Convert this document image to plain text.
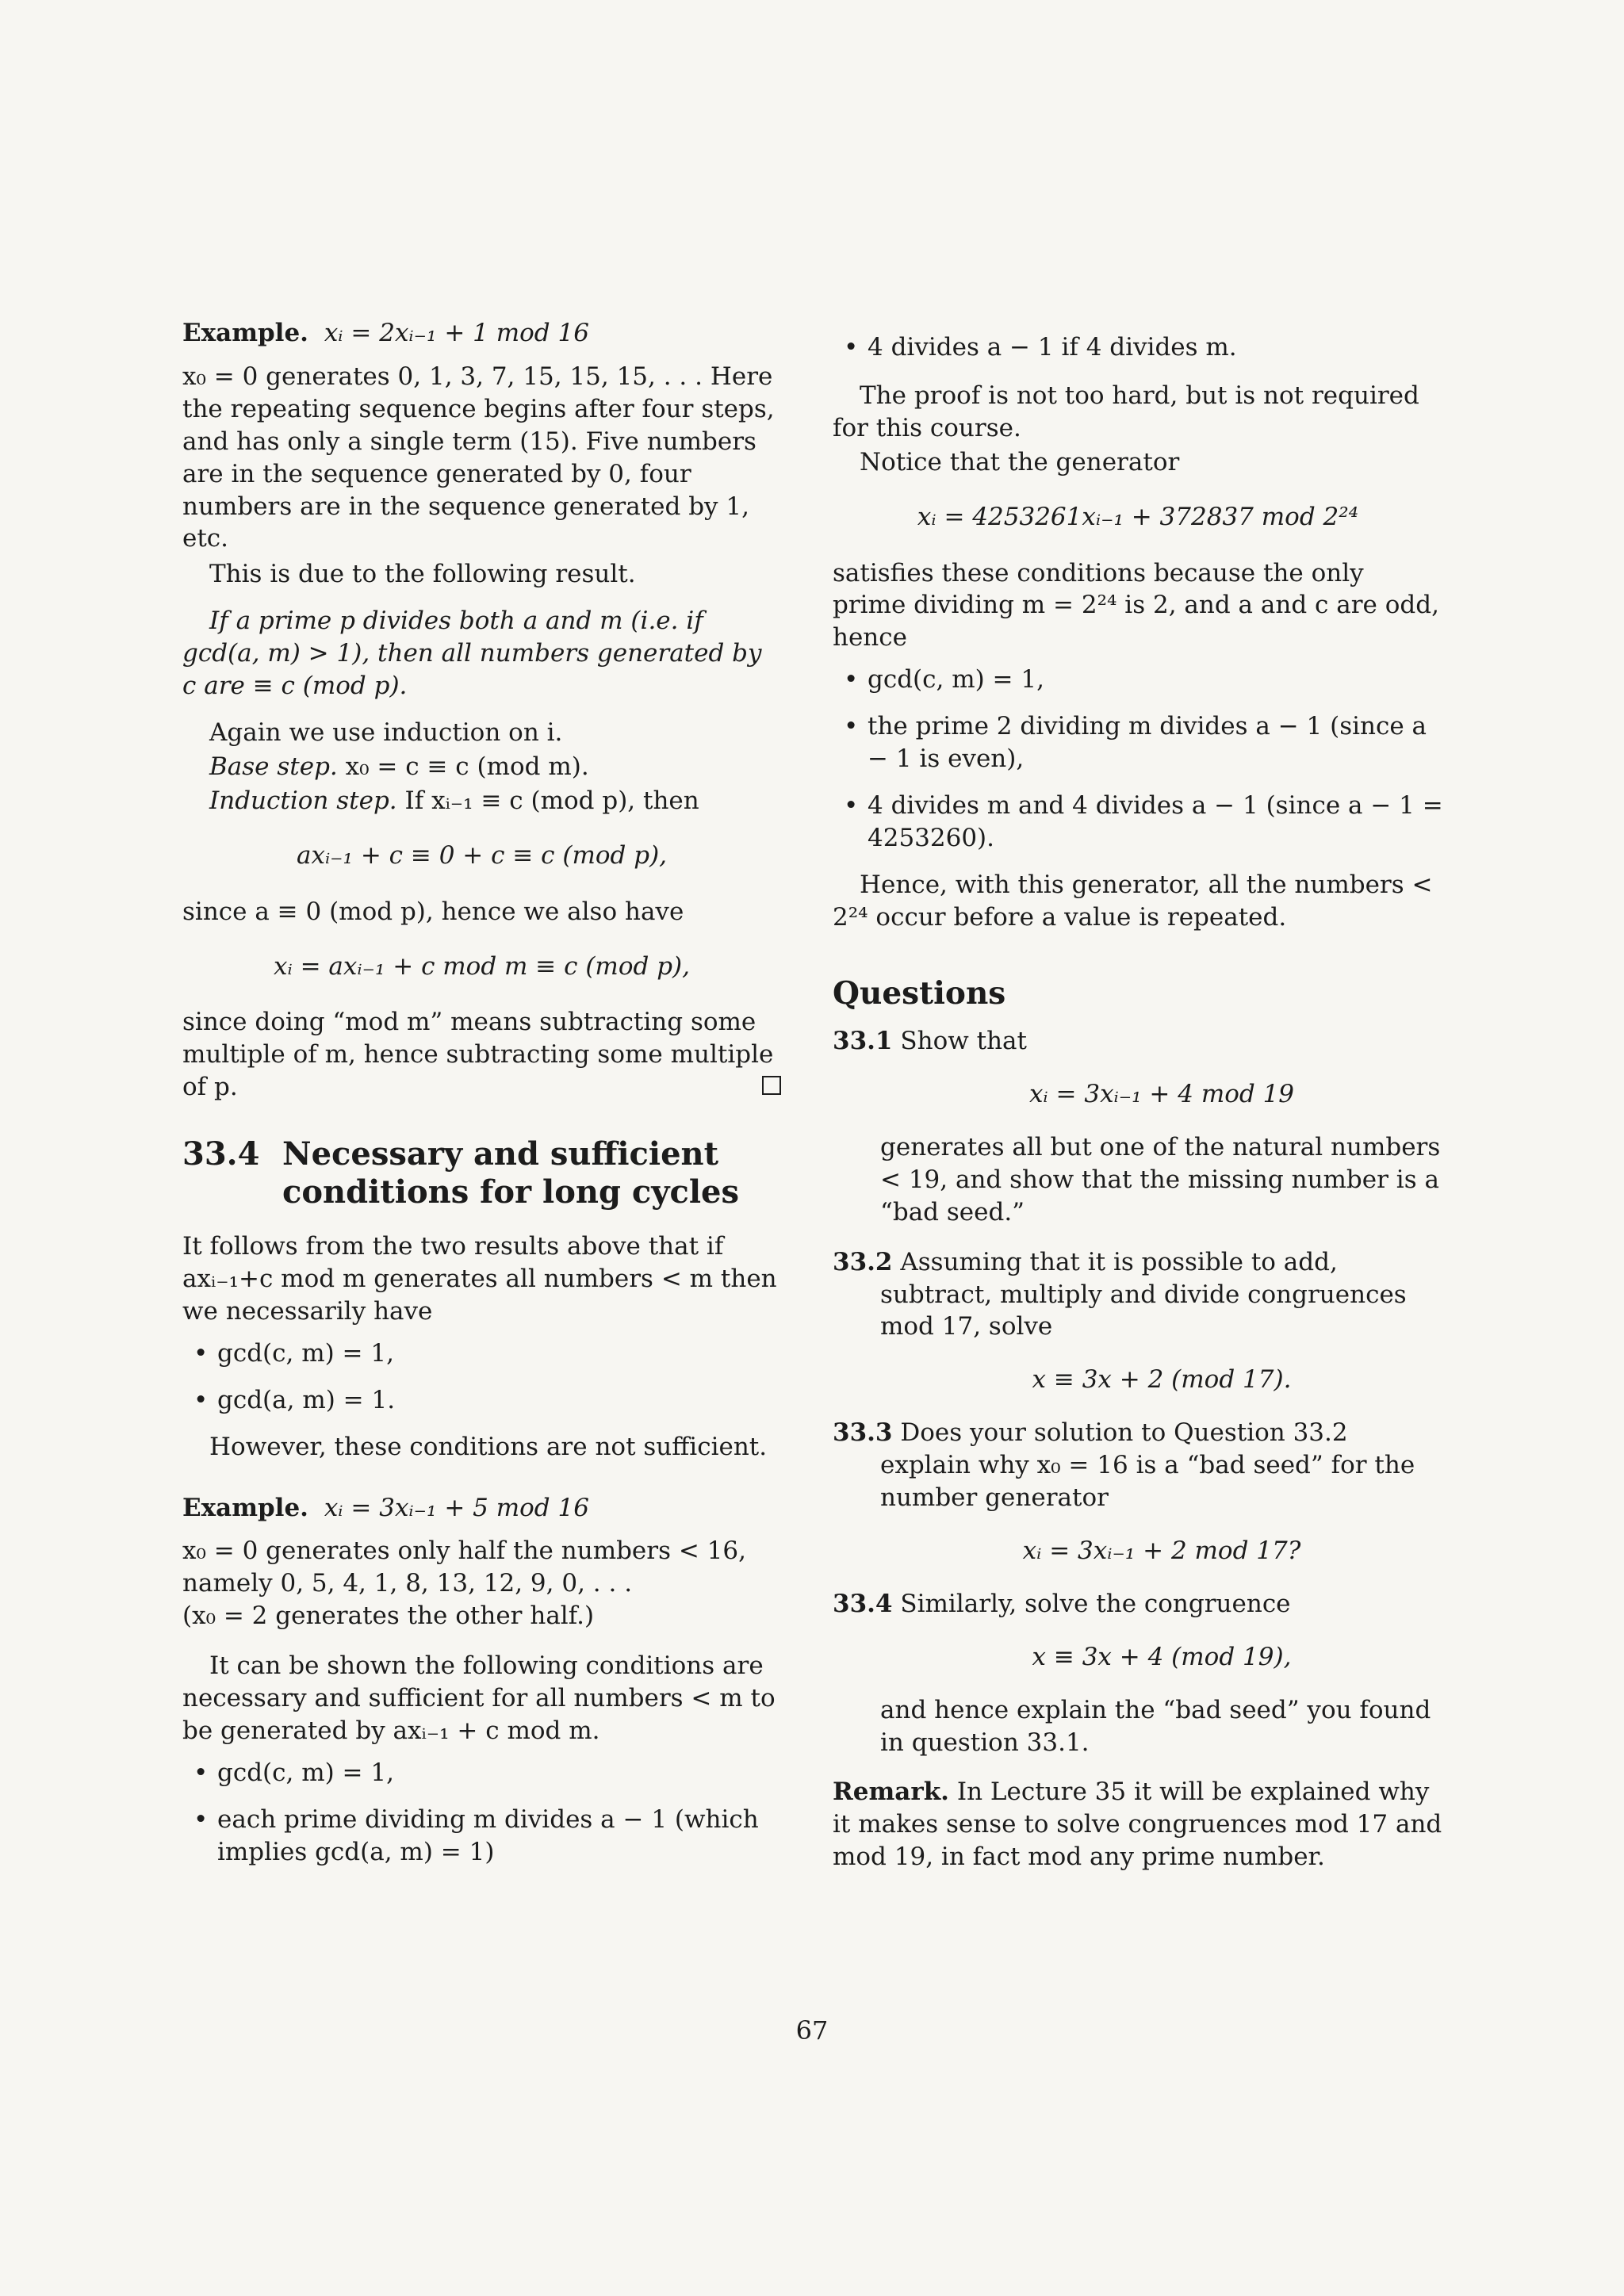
Example. xᵢ = 2xᵢ₋₁ + 1 mod 16

x₀ = 0 generates 0, 1, 3, 7, 15, 15, 15, . . . Here the repeating sequence begins after four steps, and has only a single term (15). Five numbers are in the sequence generated by 0, four numbers are in the sequence generated by 1, etc.

This is due to the following result.

If a prime p divides both a and m (i.e. if gcd(a, m) > 1), then all numbers generated by c are ≡ c (mod p).

Again we use induction on i.

Base step. x₀ = c ≡ c (mod m).

Induction step. If xᵢ₋₁ ≡ c (mod p), then

axᵢ₋₁ + c ≡ 0 + c ≡ c (mod p),

since a ≡ 0 (mod p), hence we also have

xᵢ = axᵢ₋₁ + c mod m ≡ c (mod p),

since doing “mod m” means subtracting some multiple of m, hence subtracting some multiple of p.

33.4 Necessary and sufficient conditions for long cycles

It follows from the two results above that if axᵢ₋₁+c mod m generates all numbers < m then we necessarily have

• gcd(c, m) = 1,
• gcd(a, m) = 1.

However, these conditions are not sufficient.

Example. xᵢ = 3xᵢ₋₁ + 5 mod 16

x₀ = 0 generates only half the numbers < 16, namely 0, 5, 4, 1, 8, 13, 12, 9, 0, . . .

(x₀ = 2 generates the other half.)

It can be shown the following conditions are necessary and sufficient for all numbers < m to be generated by axᵢ₋₁ + c mod m.

• gcd(c, m) = 1,
• each prime dividing m divides a − 1 (which implies gcd(a, m) = 1)
• 4 divides a − 1 if 4 divides m.

The proof is not too hard, but is not required for this course.

Notice that the generator

xᵢ = 4253261xᵢ₋₁ + 372837 mod 2²⁴

satisfies these conditions because the only prime dividing m = 2²⁴ is 2, and a and c are odd, hence

• gcd(c, m) = 1,
• the prime 2 dividing m divides a − 1 (since a − 1 is even),
• 4 divides m and 4 divides a − 1 (since a − 1 = 4253260).

Hence, with this generator, all the numbers < 2²⁴ occur before a value is repeated.

Questions

33.1 Show that

xᵢ = 3xᵢ₋₁ + 4 mod 19

generates all but one of the natural numbers < 19, and show that the missing number is a “bad seed.”

33.2 Assuming that it is possible to add, subtract, multiply and divide congruences mod 17, solve

x ≡ 3x + 2 (mod 17).

33.3 Does your solution to Question 33.2 explain why x₀ = 16 is a “bad seed” for the number generator

xᵢ = 3xᵢ₋₁ + 2 mod 17?

33.4 Similarly, solve the congruence

x ≡ 3x + 4 (mod 19),

and hence explain the “bad seed” you found in question 33.1.

Remark. In Lecture 35 it will be explained why it makes sense to solve congruences mod 17 and mod 19, in fact mod any prime number.

67
